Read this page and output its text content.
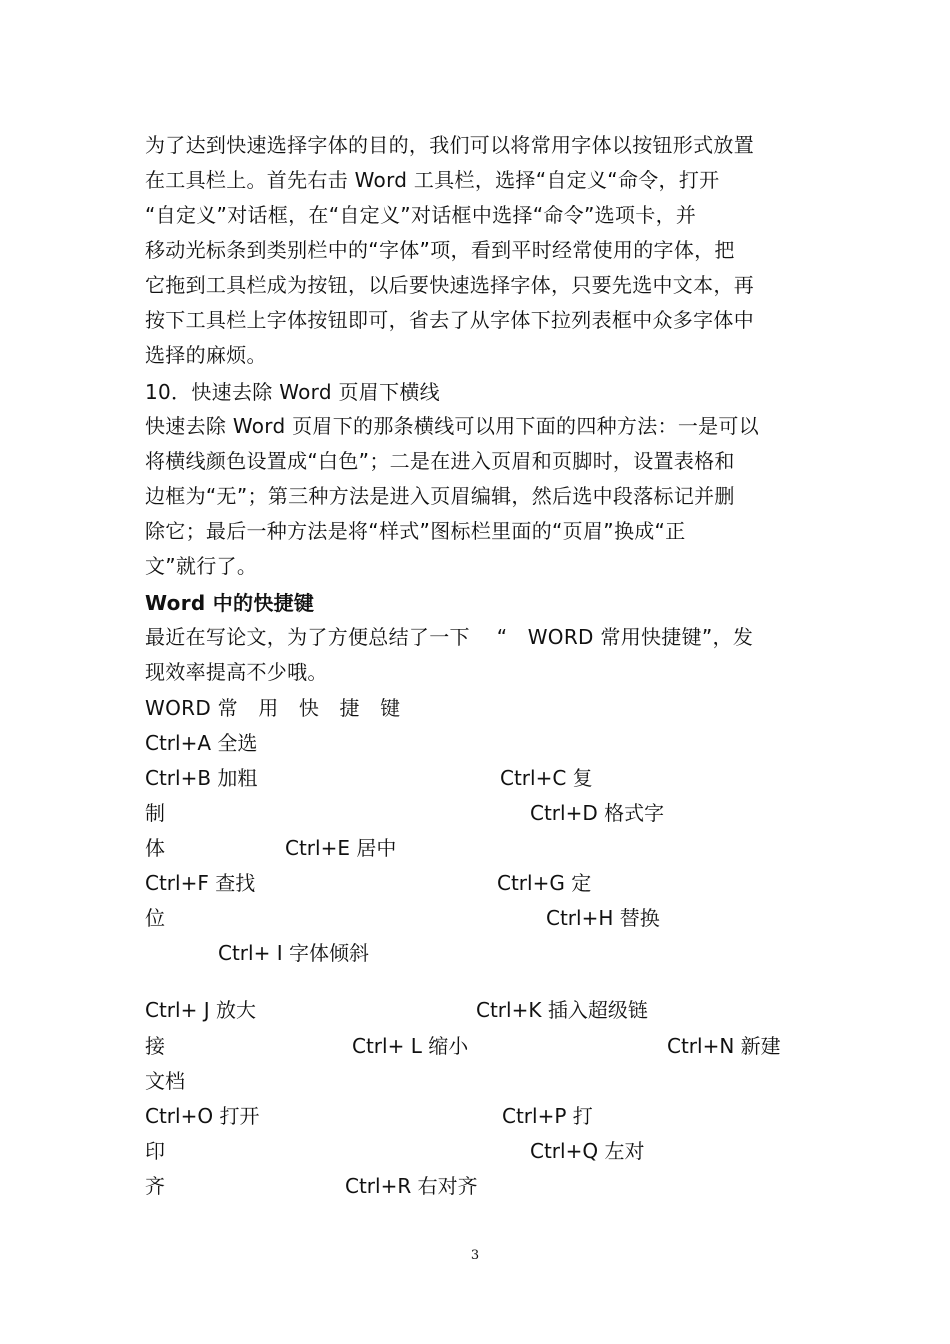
为了达到快速选择字体的目的，我们可以将常用字体以按钮形式放置
在工具栏上。首先右击 Word 工具栏，选择“自定义“命令，打开
“自定义”对话框，在“自定义”对话框中选择“命令”选项卡，并
移动光标条到类别栏中的“字体”项，看到平时经常使用的字体，把
它拖到工具栏成为按钮，以后要快速选择字体，只要先选中文本，再
按下工具栏上字体按钮即可，省去了从字体下拉列表框中众多字体中
选择的麻烦。
10．快速去除 Word 页眉下横线
快速去除 Word 页眉下的那条横线可以用下面的四种方法：一是可以
将横线颜色设置成“白色”；二是在进入页眉和页脚时，设置表格和
边框为“无”；第三种方法是进入页眉编辑，然后选中段落标记并删
除它；最后一种方法是将“样式”图标栏里面的“页眉”换成“正
文”就行了。
Word 中的快捷键
最近在写论文，为了方便总结了一下　 “　WORD 常用快捷键”，发
现效率提高不少哦。
WORD 常　用　快　捷　键
Ctrl+A 全选
Ctrl+B 加粗	Ctrl+C 复
制	Ctrl+D 格式字
体	Ctrl+E 居中
Ctrl+F 查找	Ctrl+G 定
位	Ctrl+H 替换
Ctrl+ I 字体倾斜
Ctrl+ J 放大	Ctrl+K 插入超级链
接	Ctrl+ L 缩小	Ctrl+N 新建
文档
Ctrl+O 打开	Ctrl+P 打
印	Ctrl+Q 左对
齐	Ctrl+R 右对齐
3
